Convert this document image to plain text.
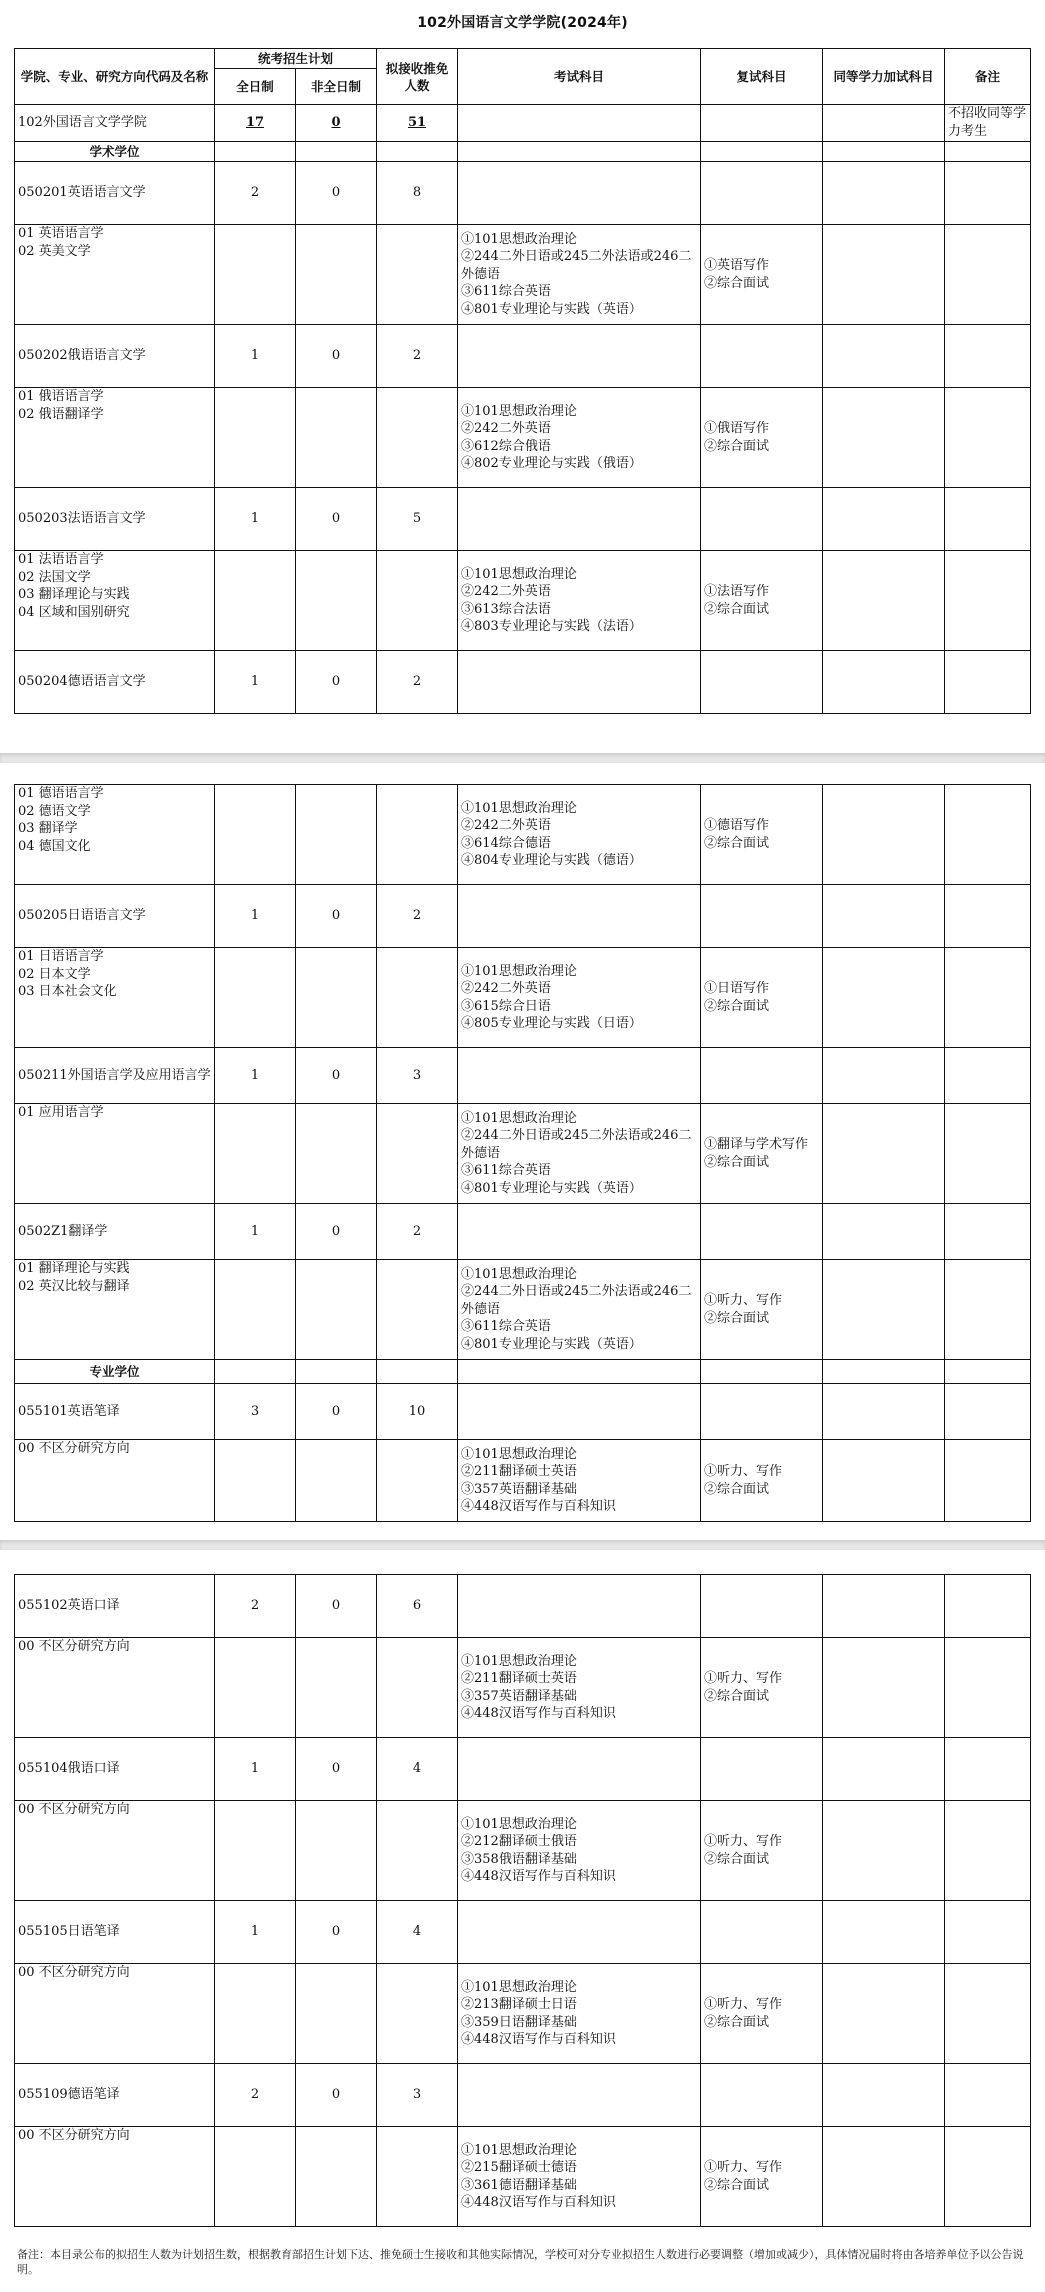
102外国语言文学学院(2024年)
学院、专业、研究方向代码及名称	统考招生计划		拟接收推免人数	考试科目	复试科目	同等学力加试科目	备注
	全日制	非全日制					
102外国语言文学学院	17	0	51				不招收同等学力考生
学术学位							
050201英语语言文学	2	0	8				
01 英语语言学
02 英美文学				①101思想政治理论
②244二外日语或245二外法语或246二外德语
③611综合英语
④801专业理论与实践（英语）	①英语写作
②综合面试		
050202俄语语言文学	1	0	2				
01 俄语语言学
02 俄语翻译学				①101思想政治理论
②242二外英语
③612综合俄语
④802专业理论与实践（俄语）	①俄语写作
②综合面试		
050203法语语言文学	1	0	5				
01 法语语言学
02 法国文学
03 翻译理论与实践
04 区域和国别研究				①101思想政治理论
②242二外英语
③613综合法语
④803专业理论与实践（法语）	①法语写作
②综合面试		
050204德语语言文学	1	0	2				
01 德语语言学
02 德语文学
03 翻译学
04 德国文化				①101思想政治理论
②242二外英语
③614综合德语
④804专业理论与实践（德语）	①德语写作
②综合面试		
050205日语语言文学	1	0	2				
01 日语语言学
02 日本文学
03 日本社会文化				①101思想政治理论
②242二外英语
③615综合日语
④805专业理论与实践（日语）	①日语写作
②综合面试		
050211外国语言学及应用语言学	1	0	3				
01 应用语言学				①101思想政治理论
②244二外日语或245二外法语或246二外德语
③611综合英语
④801专业理论与实践（英语）	①翻译与学术写作
②综合面试		
0502Z1翻译学	1	0	2				
01 翻译理论与实践
02 英汉比较与翻译				①101思想政治理论
②244二外日语或245二外法语或246二外德语
③611综合英语
④801专业理论与实践（英语）	①听力、写作
②综合面试		
专业学位							
055101英语笔译	3	0	10				
00 不区分研究方向				①101思想政治理论
②211翻译硕士英语
③357英语翻译基础
④448汉语写作与百科知识	①听力、写作
②综合面试		
055102英语口译	2	0	6				
00 不区分研究方向				①101思想政治理论
②211翻译硕士英语
③357英语翻译基础
④448汉语写作与百科知识	①听力、写作
②综合面试		
055104俄语口译	1	0	4				
00 不区分研究方向				①101思想政治理论
②212翻译硕士俄语
③358俄语翻译基础
④448汉语写作与百科知识	①听力、写作
②综合面试		
055105日语笔译	1	0	4				
00 不区分研究方向				①101思想政治理论
②213翻译硕士日语
③359日语翻译基础
④448汉语写作与百科知识	①听力、写作
②综合面试		
055109德语笔译	2	0	3				
00 不区分研究方向				①101思想政治理论
②215翻译硕士德语
③361德语翻译基础
④448汉语写作与百科知识	①听力、写作
②综合面试		
备注：本目录公布的拟招生人数为计划招生数，根据教育部招生计划下达、推免硕士生接收和其他实际情况，学校可对分专业拟招生人数进行必要调整（增加或减少），具体情况届时将由各培养单位予以公告说明。
